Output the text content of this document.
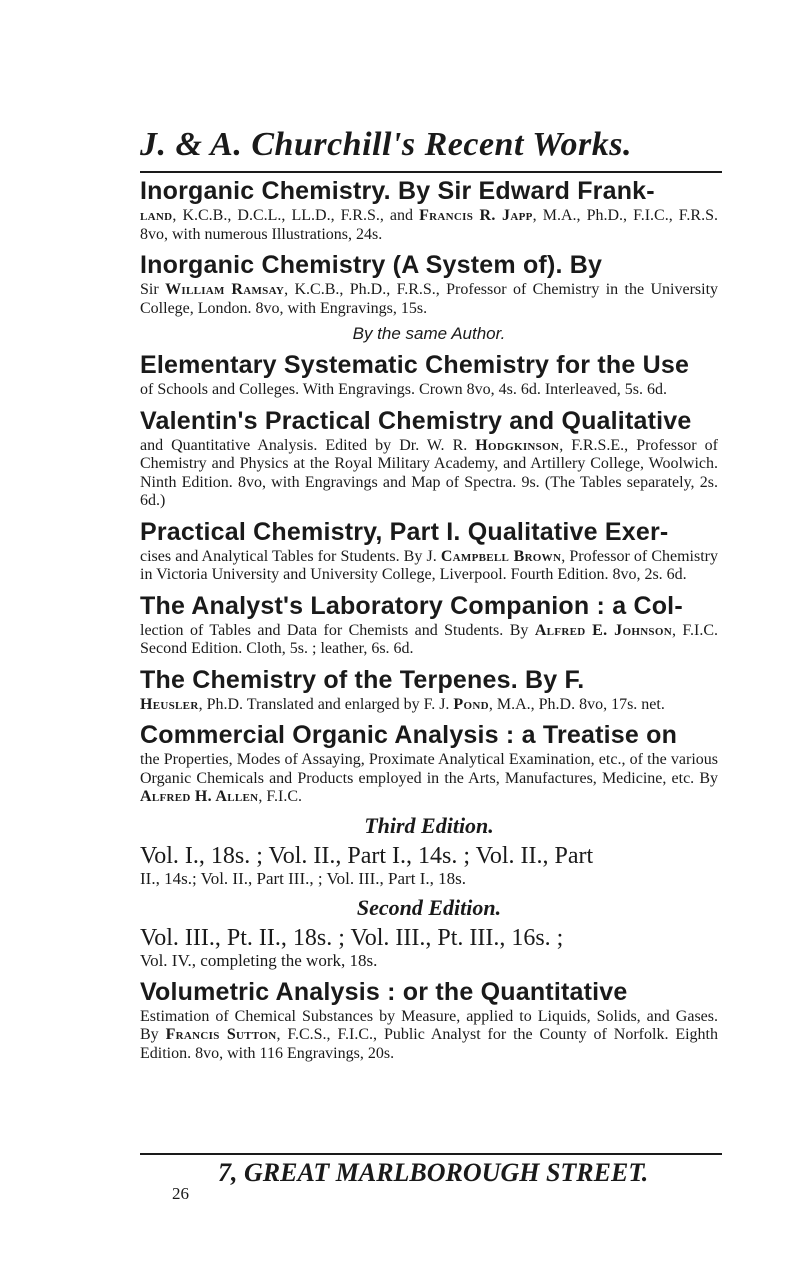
J. & A. Churchill's Recent Works.
Inorganic Chemistry. By Sir Edward Frank-
land, K.C.B., D.C.L., LL.D., F.R.S., and Francis R. Japp, M.A., Ph.D., F.I.C., F.R.S. 8vo, with numerous Illustrations, 24s.
Inorganic Chemistry (A System of). By
Sir William Ramsay, K.C.B., Ph.D., F.R.S., Professor of Chemistry in the University College, London. 8vo, with Engravings, 15s.
By the same Author.
Elementary Systematic Chemistry for the Use
of Schools and Colleges. With Engravings. Crown 8vo, 4s. 6d. Interleaved, 5s. 6d.
Valentin's Practical Chemistry and Qualitative
and Quantitative Analysis. Edited by Dr. W. R. Hodgkinson, F.R.S.E., Professor of Chemistry and Physics at the Royal Military Academy, and Artillery College, Woolwich. Ninth Edition. 8vo, with Engravings and Map of Spectra. 9s. (The Tables separately, 2s. 6d.)
Practical Chemistry, Part I. Qualitative Exer-
cises and Analytical Tables for Students. By J. Campbell Brown, Professor of Chemistry in Victoria University and University College, Liverpool. Fourth Edition. 8vo, 2s. 6d.
The Analyst's Laboratory Companion : a Col-
lection of Tables and Data for Chemists and Students. By Alfred E. Johnson, F.I.C. Second Edition. Cloth, 5s. ; leather, 6s. 6d.
The Chemistry of the Terpenes. By F.
Heusler, Ph.D. Translated and enlarged by F. J. Pond, M.A., Ph.D. 8vo, 17s. net.
Commercial Organic Analysis : a Treatise on
the Properties, Modes of Assaying, Proximate Analytical Examination, etc., of the various Organic Chemicals and Products employed in the Arts, Manufactures, Medicine, etc. By Alfred H. Allen, F.I.C.
Third Edition.
Vol. I., 18s. ; Vol. II., Part I., 14s. ; Vol. II., Part
II., 14s.; Vol. II., Part III., ; Vol. III., Part I., 18s.
Second Edition.
Vol. III., Pt. II., 18s. ; Vol. III., Pt. III., 16s. ;
Vol. IV., completing the work, 18s.
Volumetric Analysis : or the Quantitative
Estimation of Chemical Substances by Measure, applied to Liquids, Solids, and Gases. By Francis Sutton, F.C.S., F.I.C., Public Analyst for the County of Norfolk. Eighth Edition. 8vo, with 116 Engravings, 20s.
7, GREAT MARLBOROUGH STREET.
26
